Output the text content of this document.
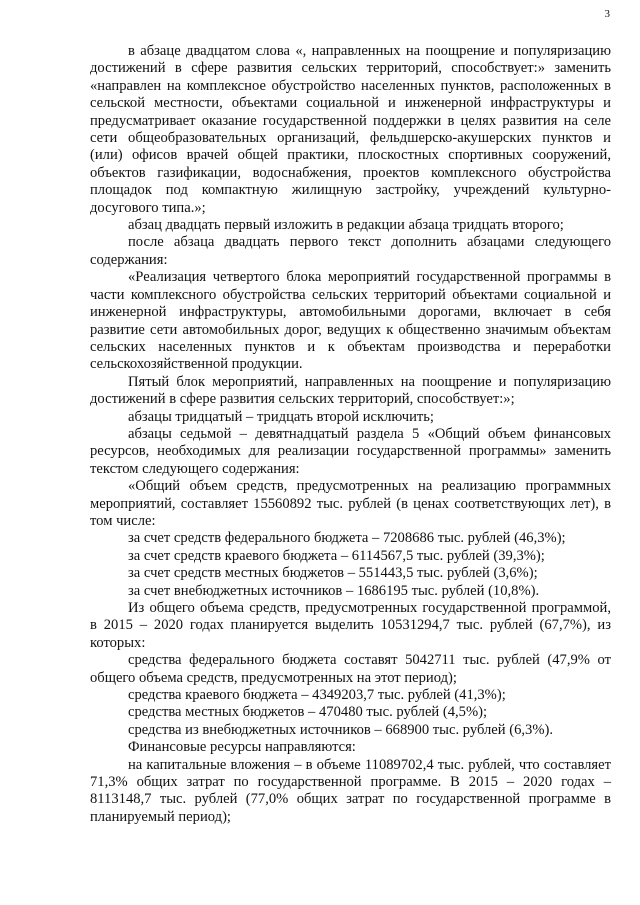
3

в абзаце двадцатом слова «, направленных на поощрение и популяризацию достижений в сфере развития сельских территорий, способствует:» заменить «направлен на комплексное обустройство населенных пунктов, расположенных в сельской местности, объектами социальной и инженерной инфраструктуры и предусматривает оказание государственной поддержки в целях развития на селе сети общеобразовательных организаций, фельдшерско-акушерских пунктов и (или) офисов врачей общей практики, плоскостных спортивных сооружений, объектов газификации, водоснабжения, проектов комплексного обустройства площадок под компактную жилищную застройку, учреждений культурно-досугового типа.»;

абзац двадцать первый изложить в редакции абзаца тридцать второго;

после абзаца двадцать первого текст дополнить абзацами следующего содержания:

«Реализация четвертого блока мероприятий государственной программы в части комплексного обустройства сельских территорий объектами социальной и инженерной инфраструктуры, автомобильными дорогами, включает в себя развитие сети автомобильных дорог, ведущих к общественно значимым объектам сельских населенных пунктов и к объектам производства и переработки сельскохозяйственной продукции.

Пятый блок мероприятий, направленных на поощрение и популяризацию достижений в сфере развития сельских территорий, способствует:»;

абзацы тридцатый – тридцать второй исключить;

абзацы седьмой – девятнадцатый раздела 5 «Общий объем финансовых ресурсов, необходимых для реализации государственной программы» заменить текстом следующего содержания:

«Общий объем средств, предусмотренных на реализацию программных мероприятий, составляет 15560892 тыс. рублей (в ценах соответствующих лет), в том числе:

за счет средств федерального бюджета – 7208686 тыс. рублей (46,3%);

за счет средств краевого бюджета – 6114567,5 тыс. рублей (39,3%);

за счет средств местных бюджетов – 551443,5 тыс. рублей (3,6%);

за счет внебюджетных источников – 1686195 тыс. рублей (10,8%).

Из общего объема средств, предусмотренных государственной программой, в 2015 – 2020 годах планируется выделить 10531294,7 тыс. рублей (67,7%), из которых:

средства федерального бюджета составят 5042711 тыс. рублей (47,9% от общего объема средств, предусмотренных на этот период);

средства краевого бюджета – 4349203,7 тыс. рублей (41,3%);

средства местных бюджетов – 470480 тыс. рублей (4,5%);

средства из внебюджетных источников – 668900 тыс. рублей (6,3%).

Финансовые ресурсы направляются:

на капитальные вложения – в объеме 11089702,4 тыс. рублей, что составляет 71,3% общих затрат по государственной программе. В 2015 – 2020 годах – 8113148,7 тыс. рублей (77,0% общих затрат по государственной программе в планируемый период);
